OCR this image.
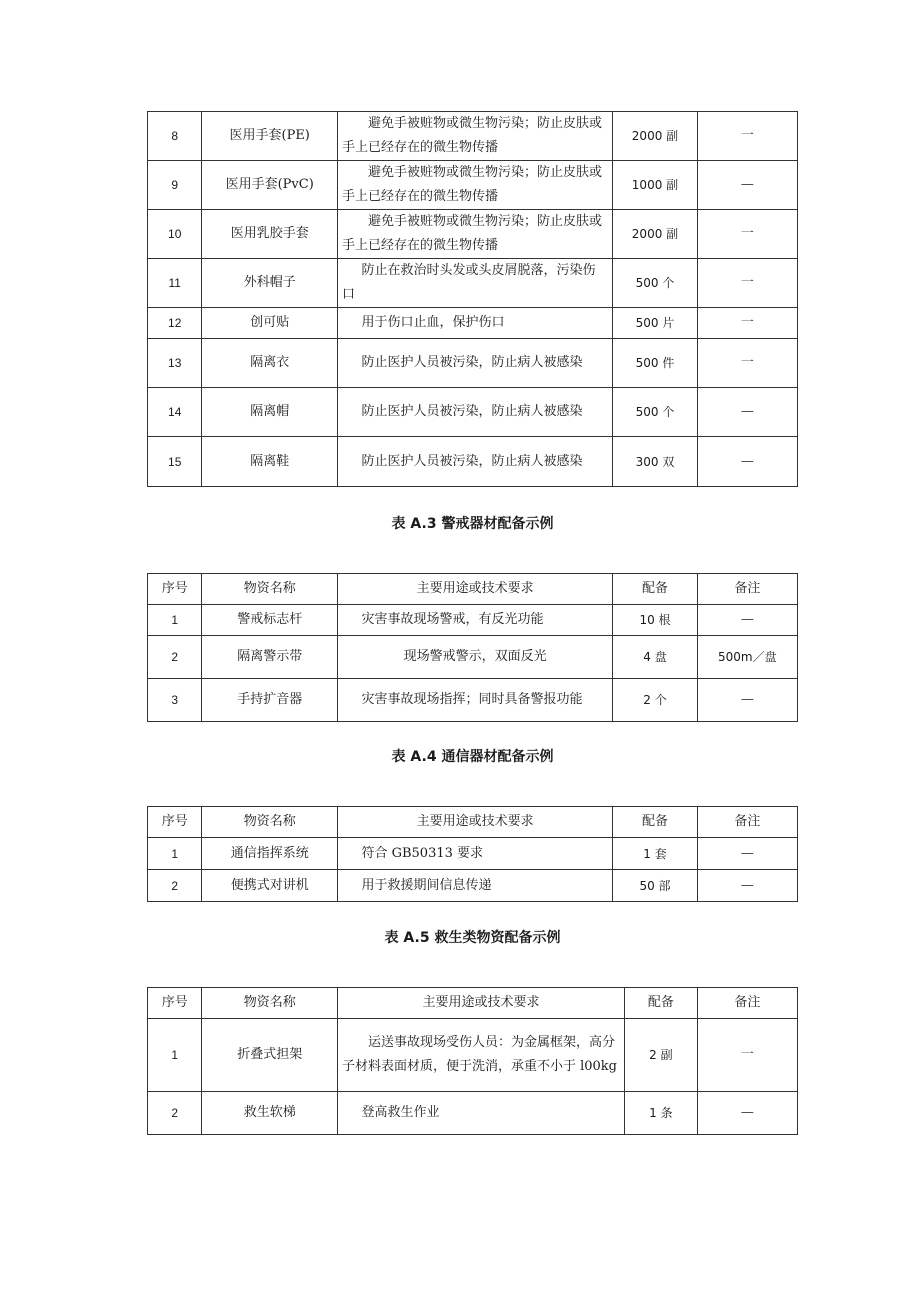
8	医用手套(PE)	避免手被赃物或微生物污染；防止皮肤或手上已经存在的微生物传播	2000 副	一
9	医用手套(PvC)	避免手被赃物或微生物污染；防止皮肤或手上已经存在的微生物传播	1000 副	—
10	医用乳胶手套	避免手被赃物或微生物污染；防止皮肤或手上已经存在的微生物传播	2000 副	一
11	外科帽子	防止在救治时头发或头皮屑脱落，污染伤口	500 个	一
12	创可贴	用于伤口止血，保护伤口	500 片	一
13	隔离衣	防止医护人员被污染，防止病人被感染	500 件	一
14	隔离帽	防止医护人员被污染，防止病人被感染	500 个	—
15	隔离鞋	防止医护人员被污染，防止病人被感染	300 双	—
表 A.3 警戒器材配备示例
序号	物资名称	主要用途或技术要求	配备	备注
1	警戒标志杆	灾害事故现场警戒，有反光功能	10 根	—
2	隔离警示带	现场警戒警示，双面反光	4 盘	500m／盘
3	手持扩音器	灾害事故现场指挥；同时具备警报功能	2 个	—
表 A.4 通信器材配备示例
序号	物资名称	主要用途或技术要求	配备	备注
1	通信指挥系统	符合 GB50313 要求	1 套	—
2	便携式对讲机	用于救援期间信息传递	50 部	—
表 A.5 救生类物资配备示例
序号	物资名称	主要用途或技术要求	配备	备注
1	折叠式担架	运送事故现场受伤人员：为金属框架，高分子材料表面材质，便于洗消，承重不小于 l00kg	2 副	一
2	救生软梯	登高救生作业	1 条	—
